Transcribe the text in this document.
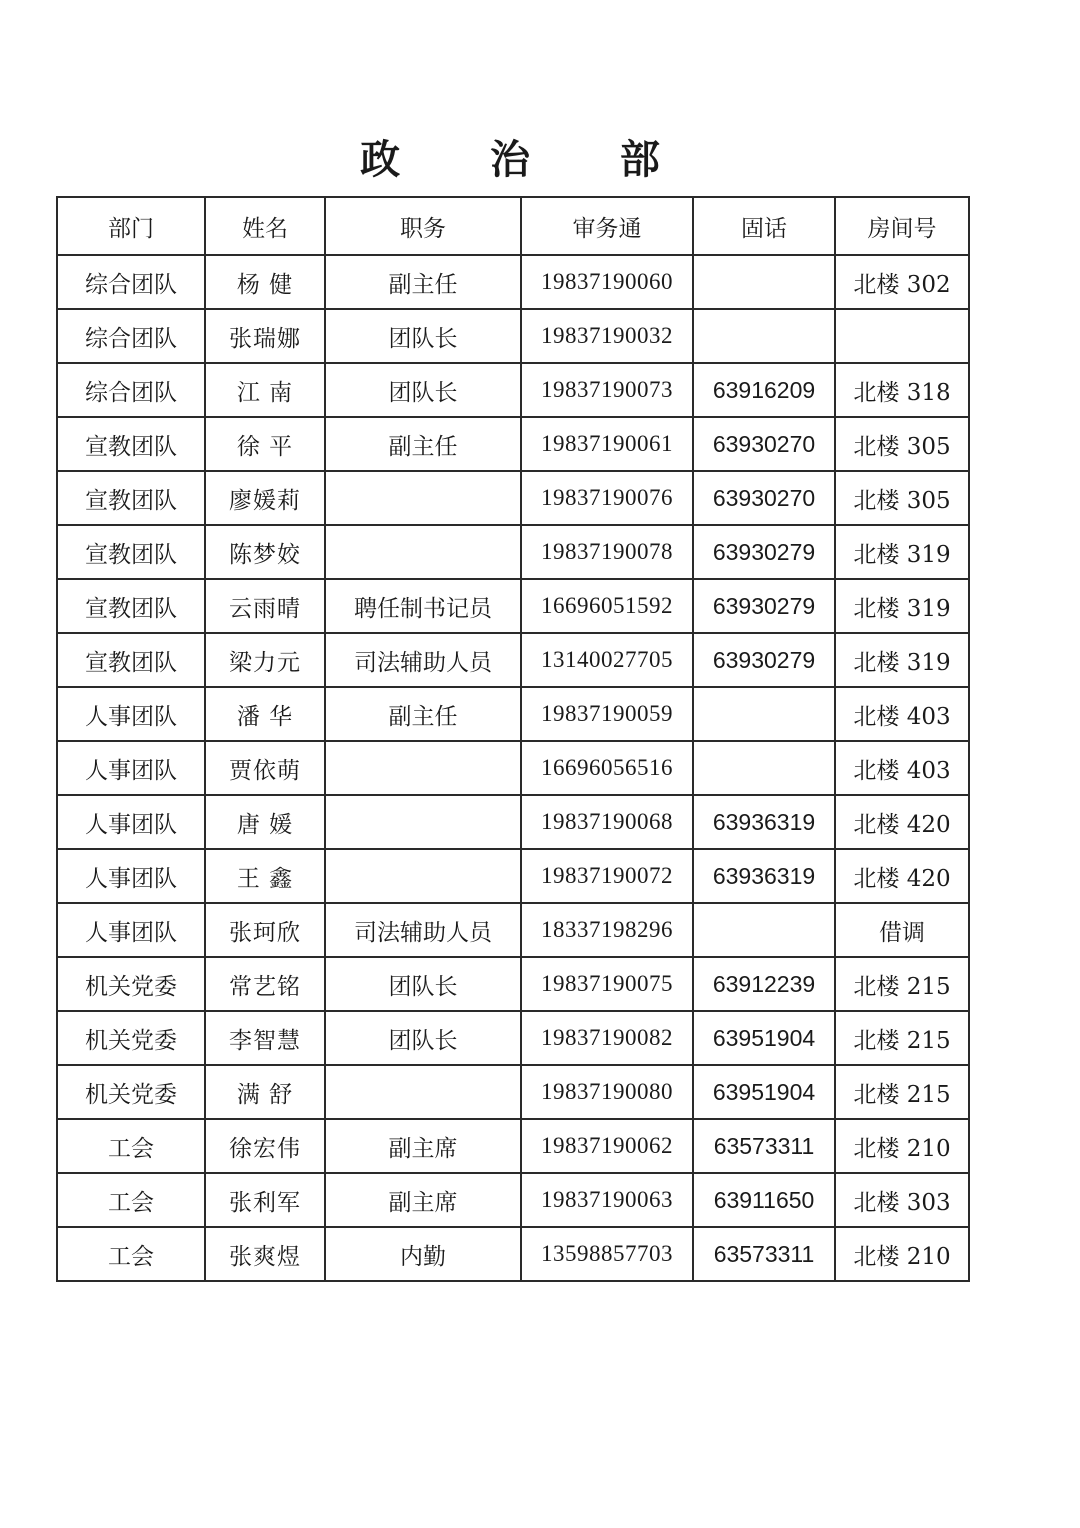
政 治 部
部门	姓名	职务	审务通	固话	房间号
综合团队	杨 健	副主任	19837190060		北楼 302
综合团队	张瑞娜	团队长	19837190032		
综合团队	江 南	团队长	19837190073	63916209	北楼 318
宣教团队	徐 平	副主任	19837190061	63930270	北楼 305
宣教团队	廖媛莉		19837190076	63930270	北楼 305
宣教团队	陈梦姣		19837190078	63930279	北楼 319
宣教团队	云雨晴	聘任制书记员	16696051592	63930279	北楼 319
宣教团队	梁力元	司法辅助人员	13140027705	63930279	北楼 319
人事团队	潘 华	副主任	19837190059		北楼 403
人事团队	贾依萌		16696056516		北楼 403
人事团队	唐 媛		19837190068	63936319	北楼 420
人事团队	王 鑫		19837190072	63936319	北楼 420
人事团队	张珂欣	司法辅助人员	18337198296		借调
机关党委	常艺铭	团队长	19837190075	63912239	北楼 215
机关党委	李智慧	团队长	19837190082	63951904	北楼 215
机关党委	满 舒		19837190080	63951904	北楼 215
工会	徐宏伟	副主席	19837190062	63573311	北楼 210
工会	张利军	副主席	19837190063	63911650	北楼 303
工会	张爽煜	内勤	13598857703	63573311	北楼 210
